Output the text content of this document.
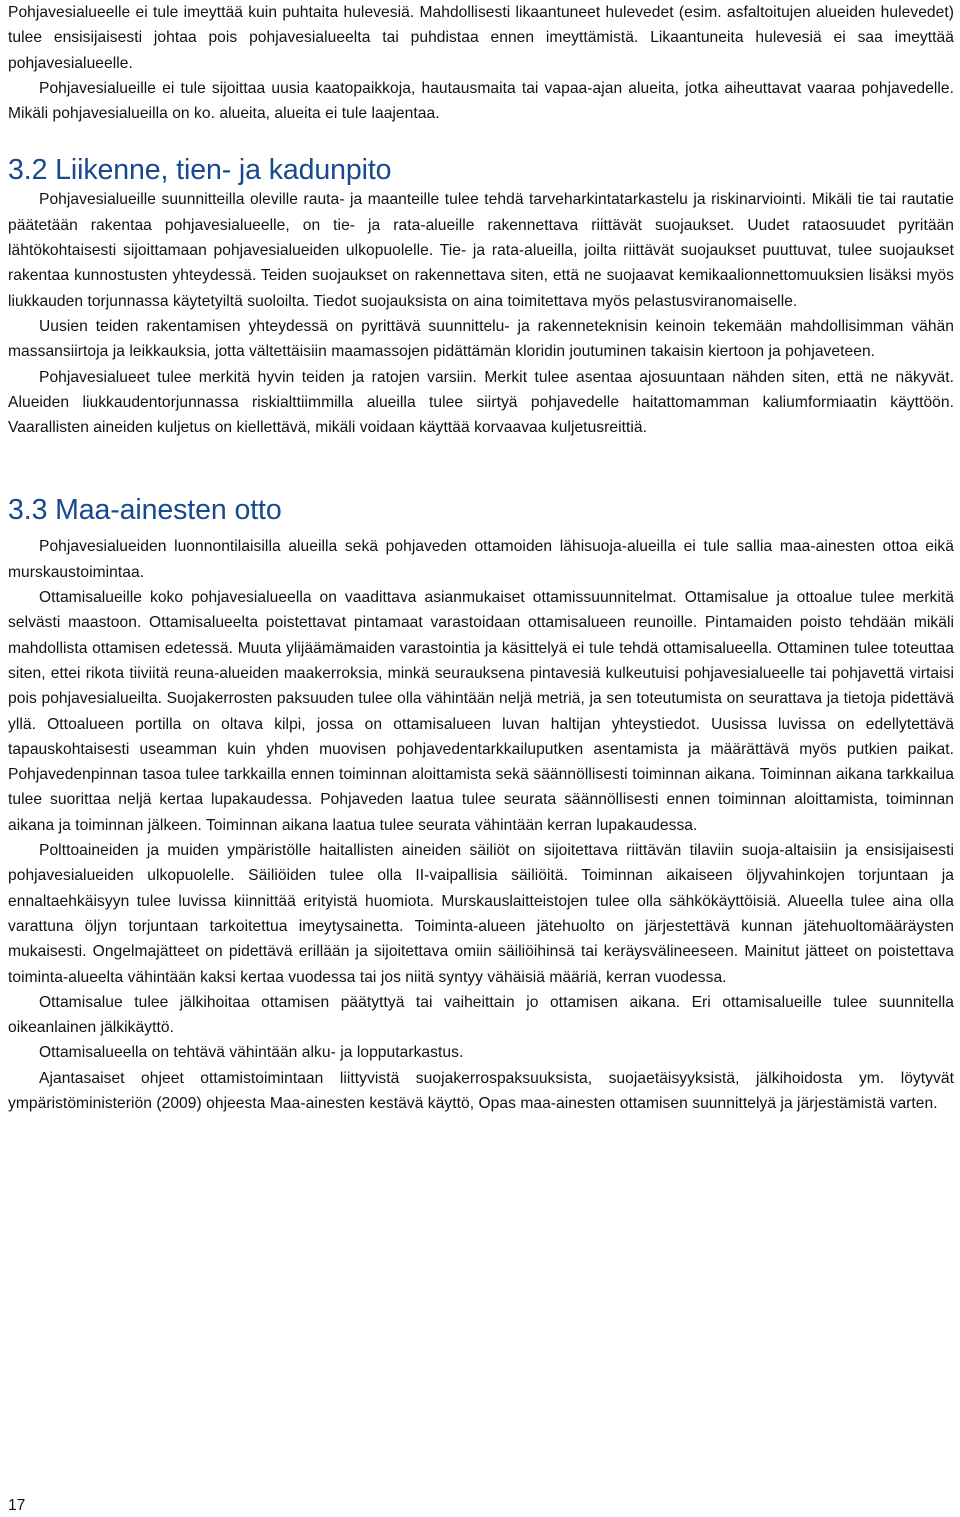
Pohjavesialueelle ei tule imeyttää kuin puhtaita hulevesiä. Mahdollisesti likaantuneet hulevedet (esim. asfaltoitujen alueiden hulevedet) tulee ensisijaisesti johtaa pois pohjavesialueelta tai puhdistaa ennen imeyttämistä. Likaantuneita hulevesiä ei saa imeyttää pohjavesialueelle.

Pohjavesialueille ei tule sijoittaa uusia kaatopaikkoja, hautausmaita tai vapaa-ajan alueita, jotka aiheuttavat vaaraa pohjavedelle. Mikäli pohjavesialueilla on ko. alueita, alueita ei tule laajentaa.

3.2 Liikenne, tien- ja kadunpito

Pohjavesialueille suunnitteilla oleville rauta- ja maanteille tulee tehdä tarveharkintatarkastelu ja riskinarviointi. Mikäli tie tai rautatie päätetään rakentaa pohjavesialueelle, on tie- ja rata-alueille rakennettava riittävät suojaukset. Uudet rataosuudet pyritään lähtökohtaisesti sijoittamaan pohjavesialueiden ulkopuolelle. Tie- ja rata-alueilla, joilta riittävät suojaukset puuttuvat, tulee suojaukset rakentaa kunnostusten yhteydessä. Teiden suojaukset on rakennettava siten, että ne suojaavat kemikaalionnettomuuksien lisäksi myös liukkauden torjunnassa käytetyiltä suoloilta. Tiedot suojauksista on aina toimitettava myös pelastusviranomaiselle.

Uusien teiden rakentamisen yhteydessä on pyrittävä suunnittelu- ja rakenneteknisin keinoin tekemään mahdollisimman vähän massansiirtoja ja leikkauksia, jotta vältettäisiin maamassojen pidättämän kloridin joutuminen takaisin kiertoon ja pohjaveteen.

Pohjavesialueet tulee merkitä hyvin teiden ja ratojen varsiin. Merkit tulee asentaa ajosuuntaan nähden siten, että ne näkyvät. Alueiden liukkaudentorjunnassa riskialttiimmilla alueilla tulee siirtyä pohjavedelle haitattomamman kaliumformiaatin käyttöön. Vaarallisten aineiden kuljetus on kiellettävä, mikäli voidaan käyttää korvaavaa kuljetusreittiä.

3.3 Maa-ainesten otto

Pohjavesialueiden luonnontilaisilla alueilla sekä pohjaveden ottamoiden lähisuoja-alueilla ei tule sallia maa-ainesten ottoa eikä murskaustoimintaa.

Ottamisalueille koko pohjavesialueella on vaadittava asianmukaiset ottamissuunnitelmat. Ottamisalue ja ottoalue tulee merkitä selvästi maastoon. Ottamisalueelta poistettavat pintamaat varastoidaan ottamisalueen reunoille. Pintamaiden poisto tehdään mikäli mahdollista ottamisen edetessä. Muuta ylijäämämaiden varastointia ja käsittelyä ei tule tehdä ottamisalueella. Ottaminen tulee toteuttaa siten, ettei rikota tiiviitä reuna-alueiden maakerroksia, minkä seurauksena pintavesiä kulkeutuisi pohjavesialueelle tai pohjavettä virtaisi pois pohjavesialueilta. Suojakerrosten paksuuden tulee olla vähintään neljä metriä, ja sen toteutumista on seurattava ja tietoja pidettävä yllä. Ottoalueen portilla on oltava kilpi, jossa on ottamisalueen luvan haltijan yhteystiedot. Uusissa luvissa on edellytettävä tapauskohtaisesti useamman kuin yhden muovisen pohjavedentarkkailuputken asentamista ja määrättävä myös putkien paikat. Pohjavedenpinnan tasoa tulee tarkkailla ennen toiminnan aloittamista sekä säännöllisesti toiminnan aikana. Toiminnan aikana tarkkailua tulee suorittaa neljä kertaa lupakaudessa. Pohjaveden laatua tulee seurata säännöllisesti ennen toiminnan aloittamista, toiminnan aikana ja toiminnan jälkeen. Toiminnan aikana laatua tulee seurata vähintään kerran lupakaudessa.

Polttoaineiden ja muiden ympäristölle haitallisten aineiden säiliöt on sijoitettava riittävän tilaviin suoja-altaisiin ja ensisijaisesti pohjavesialueiden ulkopuolelle. Säiliöiden tulee olla II-vaipallisia säiliöitä. Toiminnan aikaiseen öljyvahinkojen torjuntaan ja ennaltaehkäisyyn tulee luvissa kiinnittää erityistä huomiota. Murskauslaitteistojen tulee olla sähkökäyttöisiä. Alueella tulee aina olla varattuna öljyn torjuntaan tarkoitettua imeytysainetta. Toiminta-alueen jätehuolto on järjestettävä kunnan jätehuoltomääräysten mukaisesti. Ongelmajätteet on pidettävä erillään ja sijoitettava omiin säiliöihinsä tai keräysvälineeseen. Mainitut jätteet on poistettava toiminta-alueelta vähintään kaksi kertaa vuodessa tai jos niitä syntyy vähäisiä määriä, kerran vuodessa.

Ottamisalue tulee jälkihoitaa ottamisen päätyttyä tai vaiheittain jo ottamisen aikana. Eri ottamisalueille tulee suunnitella oikeanlainen jälkikäyttö.

Ottamisalueella on tehtävä vähintään alku- ja lopputarkastus.

Ajantasaiset ohjeet ottamistoimintaan liittyvistä suojakerrospaksuuksista, suojaetäisyyksistä, jälkihoidosta ym. löytyvät ympäristöministeriön (2009) ohjeesta Maa-ainesten kestävä käyttö, Opas maa-ainesten ottamisen suunnittelyä ja järjestämistä varten.

17
